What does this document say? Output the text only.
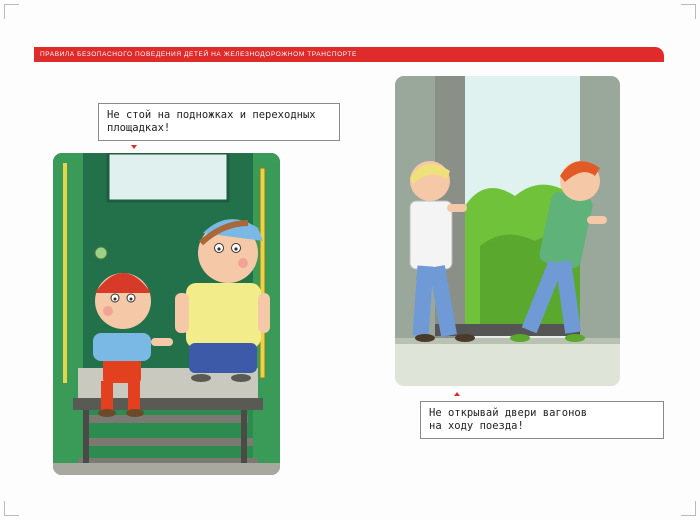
ПРАВИЛА БЕЗОПАСНОГО ПОВЕДЕНИЯ ДЕТЕЙ НА ЖЕЛЕЗНОДОРОЖНОМ ТРАНСПОРТЕ
Не стой на подножках и переходных
площадках!
Не открывай двери вагонов
на ходу поезда!
